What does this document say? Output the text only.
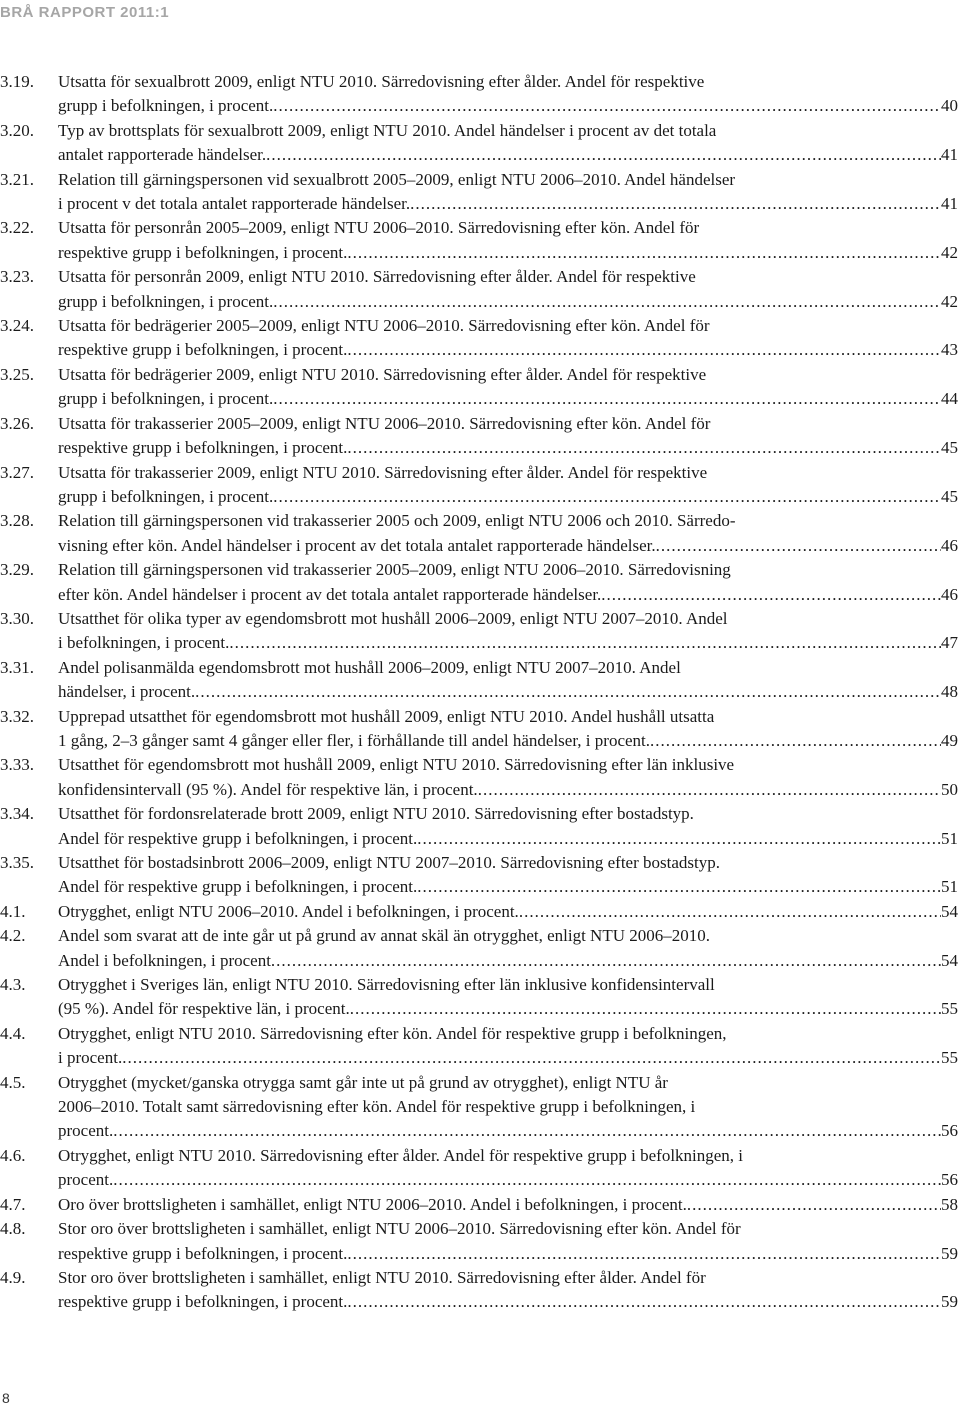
BRÅ RAPPORT 2011:1
3.19. Utsatta för sexualbrott 2009, enligt NTU 2010. Särredovisning efter ålder. Andel för respektive
grupp i befolkningen, i procent. .....	40
3.20. Typ av brottsplats för sexualbrott 2009, enligt NTU 2010. Andel händelser i procent av det totala
antalet rapporterade händelser. .....	41
3.21. Relation till gärningspersonen vid sexualbrott 2005–2009, enligt NTU 2006–2010. Andel händelser
i procent v det totala antalet rapporterade händelser. .....	41
3.22. Utsatta för personrån 2005–2009, enligt NTU 2006–2010. Särredovisning efter kön. Andel för
respektive grupp i befolkningen, i procent. .....	42
3.23. Utsatta för personrån 2009, enligt NTU 2010. Särredovisning efter ålder. Andel för respektive
grupp i befolkningen, i procent. .....	42
3.24. Utsatta för bedrägerier 2005–2009, enligt NTU 2006–2010. Särredovisning efter kön. Andel för
respektive grupp i befolkningen, i procent. .....	43
3.25. Utsatta för bedrägerier 2009, enligt NTU 2010. Särredovisning efter ålder. Andel för respektive
grupp i befolkningen, i procent. .....	44
3.26. Utsatta för trakasserier 2005–2009, enligt NTU 2006–2010. Särredovisning efter kön. Andel för
respektive grupp i befolkningen, i procent. .....	45
3.27. Utsatta för trakasserier 2009, enligt NTU 2010. Särredovisning efter ålder. Andel för respektive
grupp i befolkningen, i procent. .....	45
3.28. Relation till gärningspersonen vid trakasserier 2005 och 2009, enligt NTU 2006 och 2010. Särredo-
visning efter kön. Andel händelser i procent av det totala antalet rapporterade händelser. .....	46
3.29. Relation till gärningspersonen vid trakasserier 2005–2009, enligt NTU 2006–2010. Särredovisning
efter kön. Andel händelser i procent av det totala antalet rapporterade händelser. .....	46
3.30. Utsatthet för olika typer av egendomsbrott mot hushåll 2006–2009, enligt NTU 2007–2010. Andel
i befolkningen, i procent. .....	47
3.31. Andel polisanmälda egendomsbrott mot hushåll 2006–2009, enligt NTU 2007–2010. Andel
händelser, i procent. .....	48
3.32. Upprepad utsatthet för egendomsbrott mot hushåll 2009, enligt NTU 2010. Andel hushåll utsatta
1 gång, 2–3 gånger samt 4 gånger eller fler, i förhållande till andel händelser, i procent. .....	49
3.33. Utsatthet för egendomsbrott mot hushåll 2009, enligt NTU 2010. Särredovisning efter län inklusive
konfidensintervall (95 %). Andel för respektive län, i procent. .....	50
3.34. Utsatthet för fordonsrelaterade brott 2009, enligt NTU 2010. Särredovisning efter bostadstyp.
Andel för respektive grupp i befolkningen, i procent. .....	51
3.35. Utsatthet för bostadsinbrott 2006–2009, enligt NTU 2007–2010. Särredovisning efter bostadstyp.
Andel för respektive grupp i befolkningen, i procent. .....	51
4.1. Otrygghet, enligt NTU 2006–2010. Andel i befolkningen, i procent. .....	54
4.2. Andel som svarat att de inte går ut på grund av annat skäl än otrygghet, enligt NTU 2006–2010.
Andel i befolkningen, i procent .....	54
4.3. Otrygghet i Sveriges län, enligt NTU 2010. Särredovisning efter län inklusive konfidensintervall
(95 %). Andel för respektive län, i procent. .....	55
4.4. Otrygghet, enligt NTU 2010. Särredovisning efter kön. Andel för respektive grupp i befolkningen,
i procent. .....	55
4.5. Otrygghet (mycket/ganska otrygga samt går inte ut på grund av otrygghet), enligt NTU år
2006–2010. Totalt samt särredovisning efter kön. Andel för respektive grupp i befolkningen, i
procent. .....	56
4.6. Otrygghet, enligt NTU 2010. Särredovisning efter ålder. Andel för respektive grupp i befolkningen, i
procent. .....	56
4.7. Oro över brottsligheten i samhället, enligt NTU 2006–2010. Andel i befolkningen, i procent. .....	58
4.8. Stor oro över brottsligheten i samhället, enligt NTU 2006–2010. Särredovisning efter kön. Andel för
respektive grupp i befolkningen, i procent. .....	59
4.9. Stor oro över brottsligheten i samhället, enligt NTU 2010. Särredovisning efter ålder. Andel för
respektive grupp i befolkningen, i procent. .....	59
8
